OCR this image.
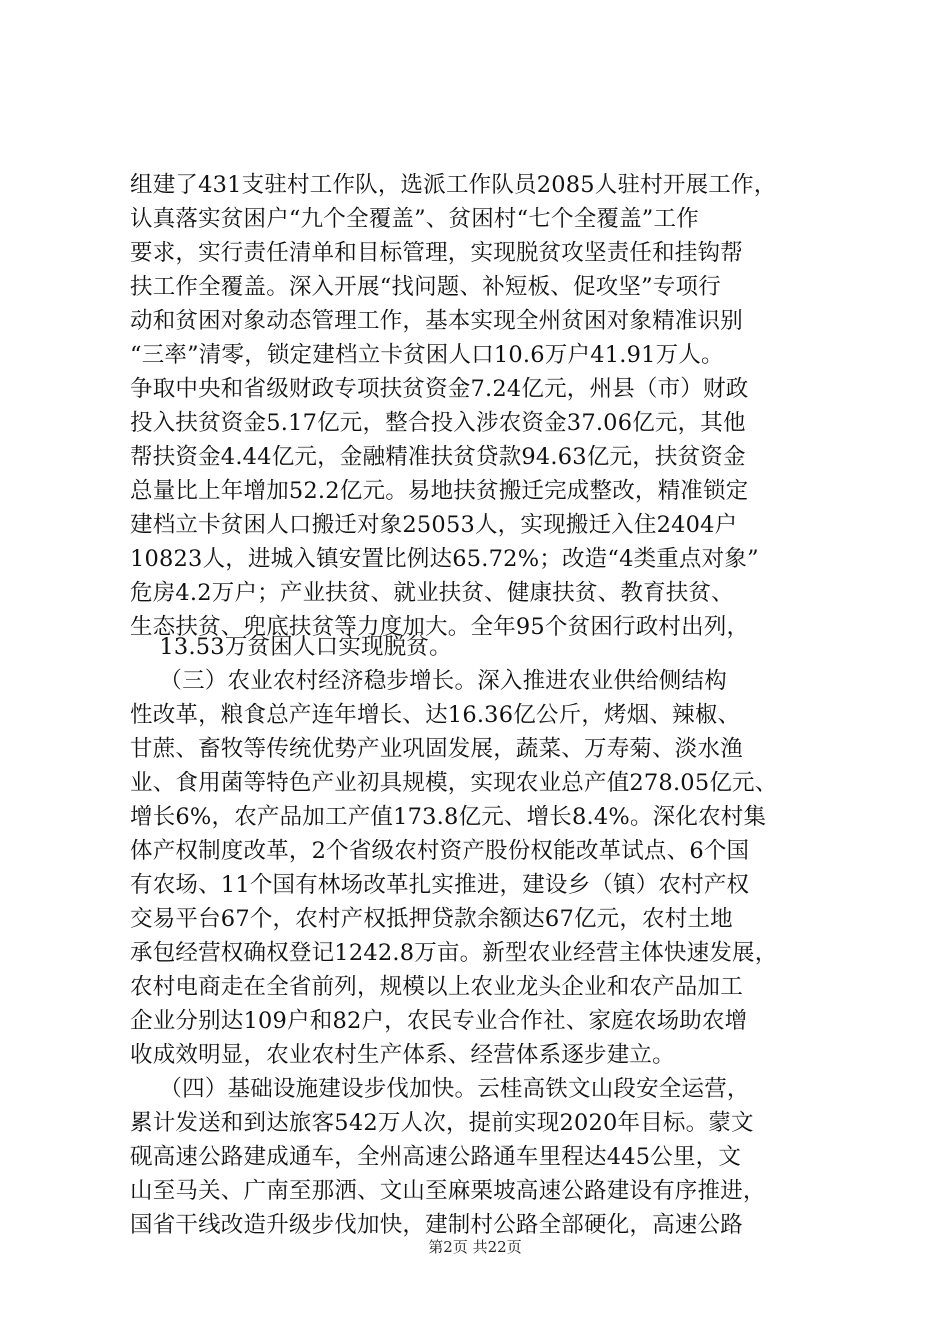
组建了431支驻村工作队，选派工作队员2085人驻村开展工作，
认真落实贫困户“九个全覆盖”、贫困村“七个全覆盖”工作
要求，实行责任清单和目标管理，实现脱贫攻坚责任和挂钩帮
扶工作全覆盖。深入开展“找问题、补短板、促攻坚”专项行
动和贫困对象动态管理工作，基本实现全州贫困对象精准识别
“三率”清零，锁定建档立卡贫困人口10.6万户41.91万人。
争取中央和省级财政专项扶贫资金7.24亿元，州县（市）财政
投入扶贫资金5.17亿元，整合投入涉农资金37.06亿元，其他
帮扶资金4.44亿元，金融精准扶贫贷款94.63亿元，扶贫资金
总量比上年增加52.2亿元。易地扶贫搬迁完成整改，精准锁定
建档立卡贫困人口搬迁对象25053人，实现搬迁入住2404户
10823人，进城入镇安置比例达65.72%；改造“4类重点对象”
危房4.2万户；产业扶贫、就业扶贫、健康扶贫、教育扶贫、
生态扶贫、兜底扶贫等力度加大。全年95个贫困行政村出列，
13.53万贫困人口实现脱贫。
（三）农业农村经济稳步增长。深入推进农业供给侧结构
性改革，粮食总产连年增长、达16.36亿公斤，烤烟、辣椒、
甘蔗、畜牧等传统优势产业巩固发展，蔬菜、万寿菊、淡水渔
业、食用菌等特色产业初具规模，实现农业总产值278.05亿元、
增长6%，农产品加工产值173.8亿元、增长8.4%。深化农村集
体产权制度改革，2个省级农村资产股份权能改革试点、6个国
有农场、11个国有林场改革扎实推进，建设乡（镇）农村产权
交易平台67个，农村产权抵押贷款余额达67亿元，农村土地
承包经营权确权登记1242.8万亩。新型农业经营主体快速发展，
农村电商走在全省前列，规模以上农业龙头企业和农产品加工
企业分别达109户和82户，农民专业合作社、家庭农场助农增
收成效明显，农业农村生产体系、经营体系逐步建立。
（四）基础设施建设步伐加快。云桂高铁文山段安全运营，
累计发送和到达旅客542万人次，提前实现2020年目标。蒙文
砚高速公路建成通车，全州高速公路通车里程达445公里，文
山至马关、广南至那洒、文山至麻栗坡高速公路建设有序推进，
国省干线改造升级步伐加快，建制村公路全部硬化，高速公路
第2页 共22页
